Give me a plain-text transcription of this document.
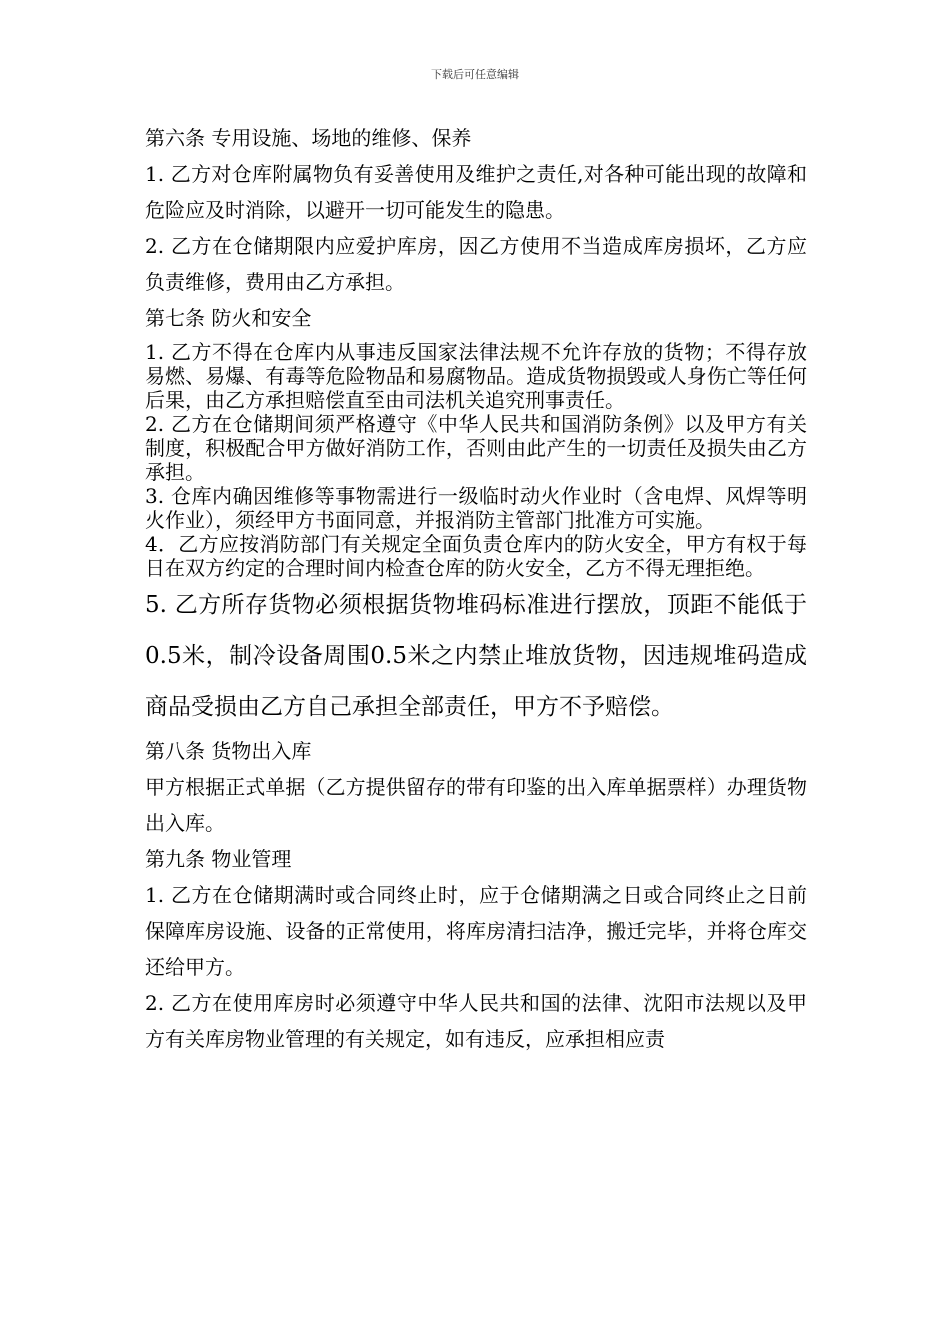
下载后可任意编辑

第六条 专用设施、场地的维修、保养

1. 乙方对仓库附属物负有妥善使用及维护之责任,对各种可能出现的故障和危险应及时消除，以避开一切可能发生的隐患。

2. 乙方在仓储期限内应爱护库房，因乙方使用不当造成库房损坏，乙方应负责维修，费用由乙方承担。

第七条 防火和安全

1. 乙方不得在仓库内从事违反国家法律法规不允许存放的货物；不得存放易燃、易爆、有毒等危险物品和易腐物品。造成货物损毁或人身伤亡等任何后果，由乙方承担赔偿直至由司法机关追究刑事责任。

2. 乙方在仓储期间须严格遵守《中华人民共和国消防条例》以及甲方有关制度，积极配合甲方做好消防工作，否则由此产生的一切责任及损失由乙方承担。

3. 仓库内确因维修等事物需进行一级临时动火作业时（含电焊、风焊等明火作业），须经甲方书面同意，并报消防主管部门批准方可实施。

4．乙方应按消防部门有关规定全面负责仓库内的防火安全，甲方有权于每日在双方约定的合理时间内检查仓库的防火安全，乙方不得无理拒绝。

5. 乙方所存货物必须根据货物堆码标准进行摆放，顶距不能低于0.5米，制冷设备周围0.5米之内禁止堆放货物，因违规堆码造成商品受损由乙方自己承担全部责任，甲方不予赔偿。

第八条 货物出入库

甲方根据正式单据（乙方提供留存的带有印鉴的出入库单据票样）办理货物出入库。

第九条 物业管理

1. 乙方在仓储期满时或合同终止时，应于仓储期满之日或合同终止之日前保障库房设施、设备的正常使用，将库房清扫洁净，搬迁完毕，并将仓库交还给甲方。

2. 乙方在使用库房时必须遵守中华人民共和国的法律、沈阳市法规以及甲方有关库房物业管理的有关规定，如有违反，应承担相应责
